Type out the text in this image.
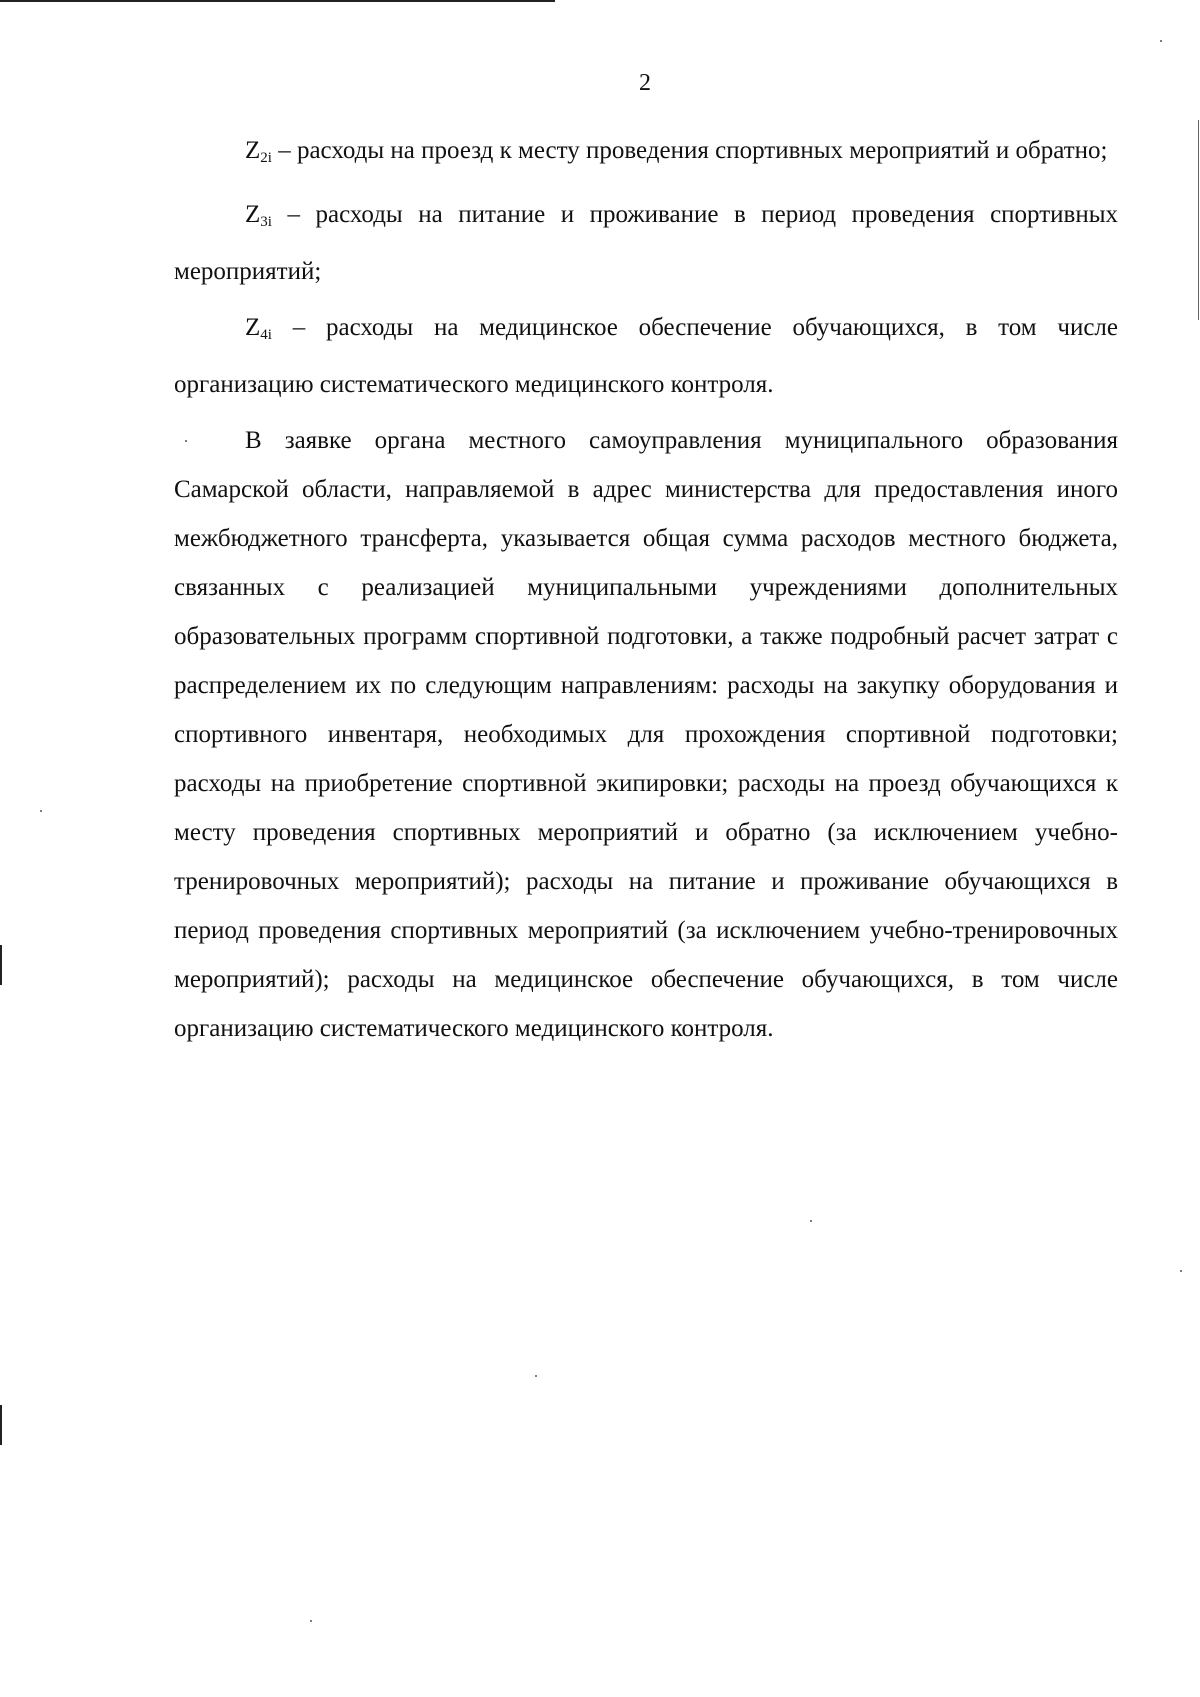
2

Z2i – расходы на проезд к месту проведения спортивных мероприятий и обратно;

Z3i – расходы на питание и проживание в период проведения спортивных мероприятий;

Z4i – расходы на медицинское обеспечение обучающихся, в том числе организацию систематического медицинского контроля.

В заявке органа местного самоуправления муниципального образования Самарской области, направляемой в адрес министерства для предоставления иного межбюджетного трансферта, указывается общая сумма расходов местного бюджета, связанных с реализацией муниципальными учреждениями дополнительных образовательных программ спортивной подготовки, а также подробный расчет затрат с распределением их по следующим направлениям: расходы на закупку оборудования и спортивного инвентаря, необходимых для прохождения спортивной подготовки; расходы на приобретение спортивной экипировки; расходы на проезд обучающихся к месту проведения спортивных мероприятий и обратно (за исключением учебно-тренировочных мероприятий); расходы на питание и проживание обучающихся в период проведения спортивных мероприятий (за исключением учебно-тренировочных мероприятий); расходы на медицинское обеспечение обучающихся, в том числе организацию систематического медицинского контроля.
